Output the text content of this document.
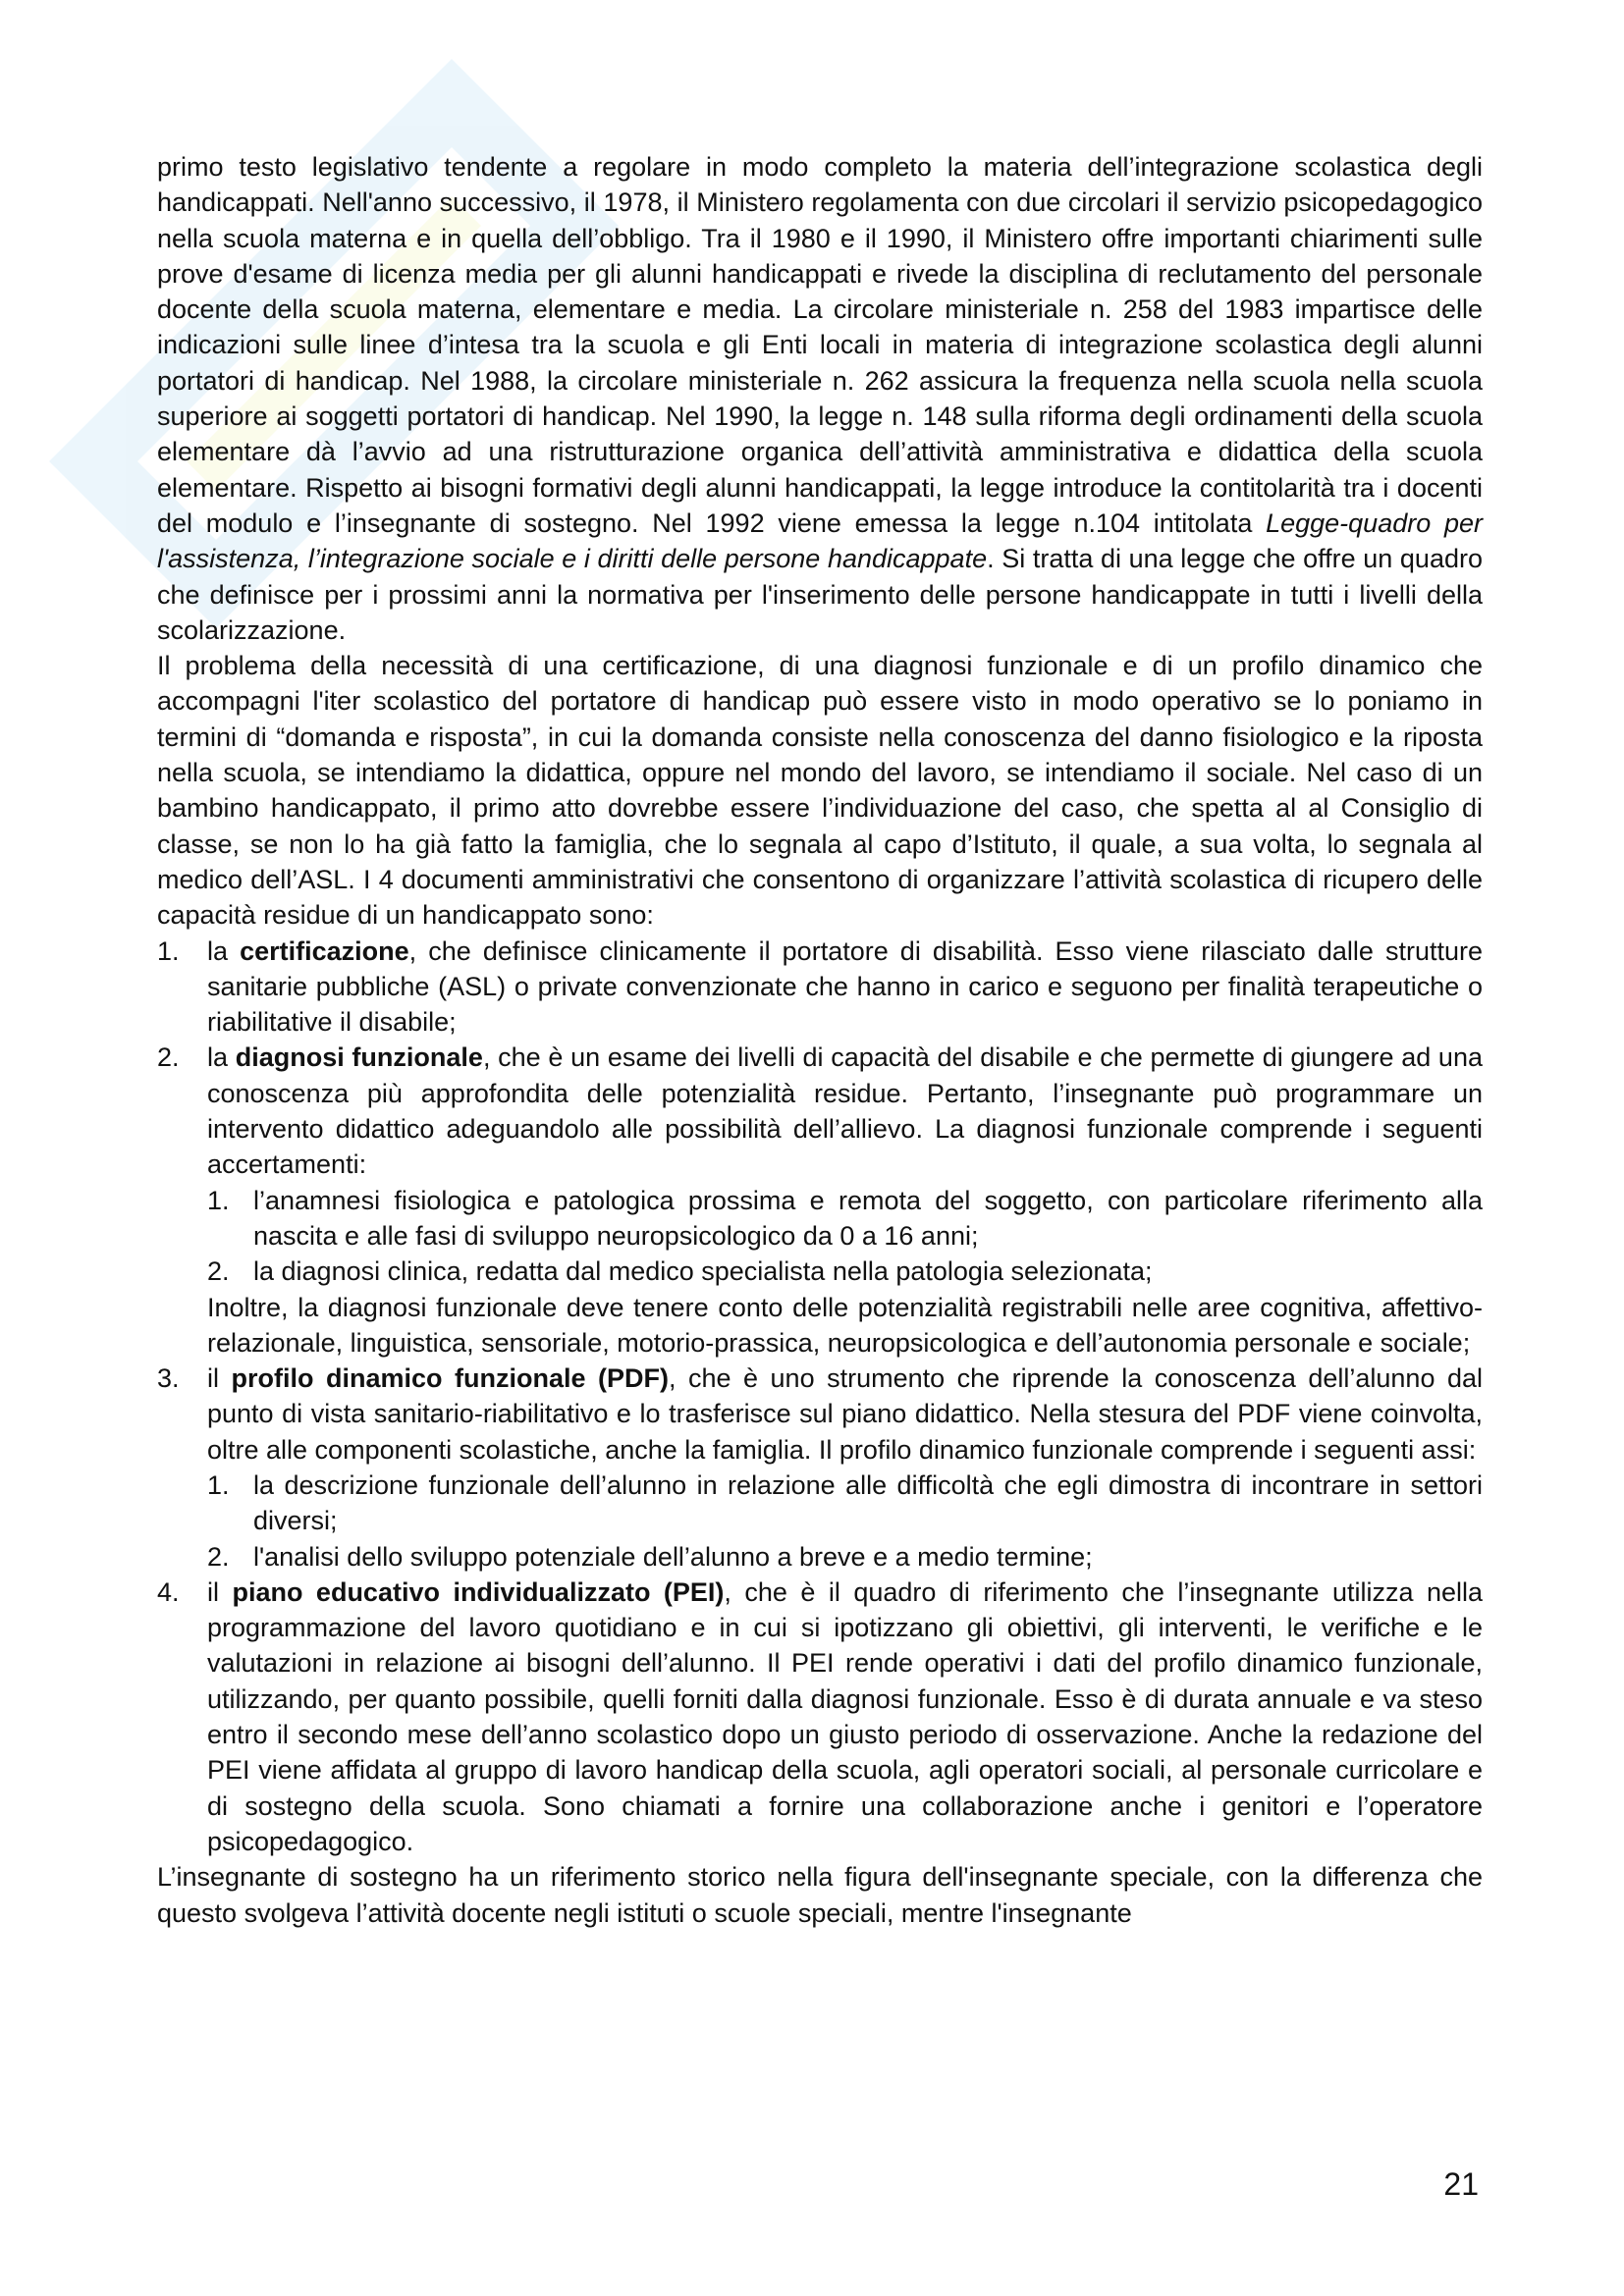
primo testo legislativo tendente a regolare in modo completo la materia dell’integrazione scolastica degli handicappati. Nell'anno successivo, il 1978, il Ministero regolamenta con due circolari il servizio psicopedagogico nella scuola materna e in quella dell’obbligo. Tra il 1980 e il 1990, il Ministero offre importanti chiarimenti sulle prove d'esame di licenza media per gli alunni handicappati e rivede la disciplina di reclutamento del personale docente della scuola materna, elementare e media. La circolare ministeriale n. 258 del 1983 impartisce delle indicazioni sulle linee d’intesa tra la scuola e gli Enti locali in materia di integrazione scolastica degli alunni portatori di handicap. Nel 1988, la circolare ministeriale n. 262 assicura la frequenza nella scuola nella scuola superiore ai soggetti portatori di handicap. Nel 1990, la legge n. 148 sulla riforma degli ordinamenti della scuola elementare dà l’avvio ad una ristrutturazione organica dell’attività amministrativa e didattica della scuola elementare. Rispetto ai bisogni formativi degli alunni handicappati, la legge introduce la contitolarità tra i docenti del modulo e l’insegnante di sostegno. Nel 1992 viene emessa la legge n.104 intitolata Legge-quadro per l'assistenza, l’integrazione sociale e i diritti delle persone handicappate. Si tratta di una legge che offre un quadro che definisce per i prossimi anni la normativa per l'inserimento delle persone handicappate in tutti i livelli della scolarizzazione.

Il problema della necessità di una certificazione, di una diagnosi funzionale e di un profilo dinamico che accompagni l'iter scolastico del portatore di handicap può essere visto in modo operativo se lo poniamo in termini di “domanda e risposta”, in cui la domanda consiste nella conoscenza del danno fisiologico e la riposta nella scuola, se intendiamo la didattica, oppure nel mondo del lavoro, se intendiamo il sociale. Nel caso di un bambino handicappato, il primo atto dovrebbe essere l’individuazione del caso, che spetta al al Consiglio di classe, se non lo ha già fatto la famiglia, che lo segnala al capo d’Istituto, il quale, a sua volta, lo segnala al medico dell’ASL. I 4 documenti amministrativi che consentono di organizzare l’attività scolastica di ricupero delle capacità residue di un handicappato sono:

1. la certificazione, che definisce clinicamente il portatore di disabilità. Esso viene rilasciato dalle strutture sanitarie pubbliche (ASL) o private convenzionate che hanno in carico e seguono per finalità terapeutiche o riabilitative il disabile;
2. la diagnosi funzionale, che è un esame dei livelli di capacità del disabile e che permette di giungere ad una conoscenza più approfondita delle potenzialità residue. Pertanto, l’insegnante può programmare un intervento didattico adeguandolo alle possibilità dell’allievo. La diagnosi funzionale comprende i seguenti accertamenti:
1. l’anamnesi fisiologica e patologica prossima e remota del soggetto, con particolare riferimento alla nascita e alle fasi di sviluppo neuropsicologico da 0 a 16 anni;
2. la diagnosi clinica, redatta dal medico specialista nella patologia selezionata;

Inoltre, la diagnosi funzionale deve tenere conto delle potenzialità registrabili nelle aree cognitiva, affettivo-relazionale, linguistica, sensoriale, motorio-prassica, neuropsicologica e dell’autonomia personale e sociale;

3. il profilo dinamico funzionale (PDF), che è uno strumento che riprende la conoscenza dell’alunno dal punto di vista sanitario-riabilitativo e lo trasferisce sul piano didattico. Nella stesura del PDF viene coinvolta, oltre alle componenti scolastiche, anche la famiglia. Il profilo dinamico funzionale comprende i seguenti assi:
1. la descrizione funzionale dell’alunno in relazione alle difficoltà che egli dimostra di incontrare in settori diversi;
2. l'analisi dello sviluppo potenziale dell’alunno a breve e a medio termine;
4. il piano educativo individualizzato (PEI), che è il quadro di riferimento che l’insegnante utilizza nella programmazione del lavoro quotidiano e in cui si ipotizzano gli obiettivi, gli interventi, le verifiche e le valutazioni in relazione ai bisogni dell’alunno. Il PEI rende operativi i dati del profilo dinamico funzionale, utilizzando, per quanto possibile, quelli forniti dalla diagnosi funzionale. Esso è di durata annuale e va steso entro il secondo mese dell’anno scolastico dopo un giusto periodo di osservazione. Anche la redazione del PEI viene affidata al gruppo di lavoro handicap della scuola, agli operatori sociali, al personale curricolare e di sostegno della scuola. Sono chiamati a fornire una collaborazione anche i genitori e l’operatore psicopedagogico.

L’insegnante di sostegno ha un riferimento storico nella figura dell'insegnante speciale, con la differenza che questo svolgeva l’attività docente negli istituti o scuole speciali, mentre l'insegnante

21
